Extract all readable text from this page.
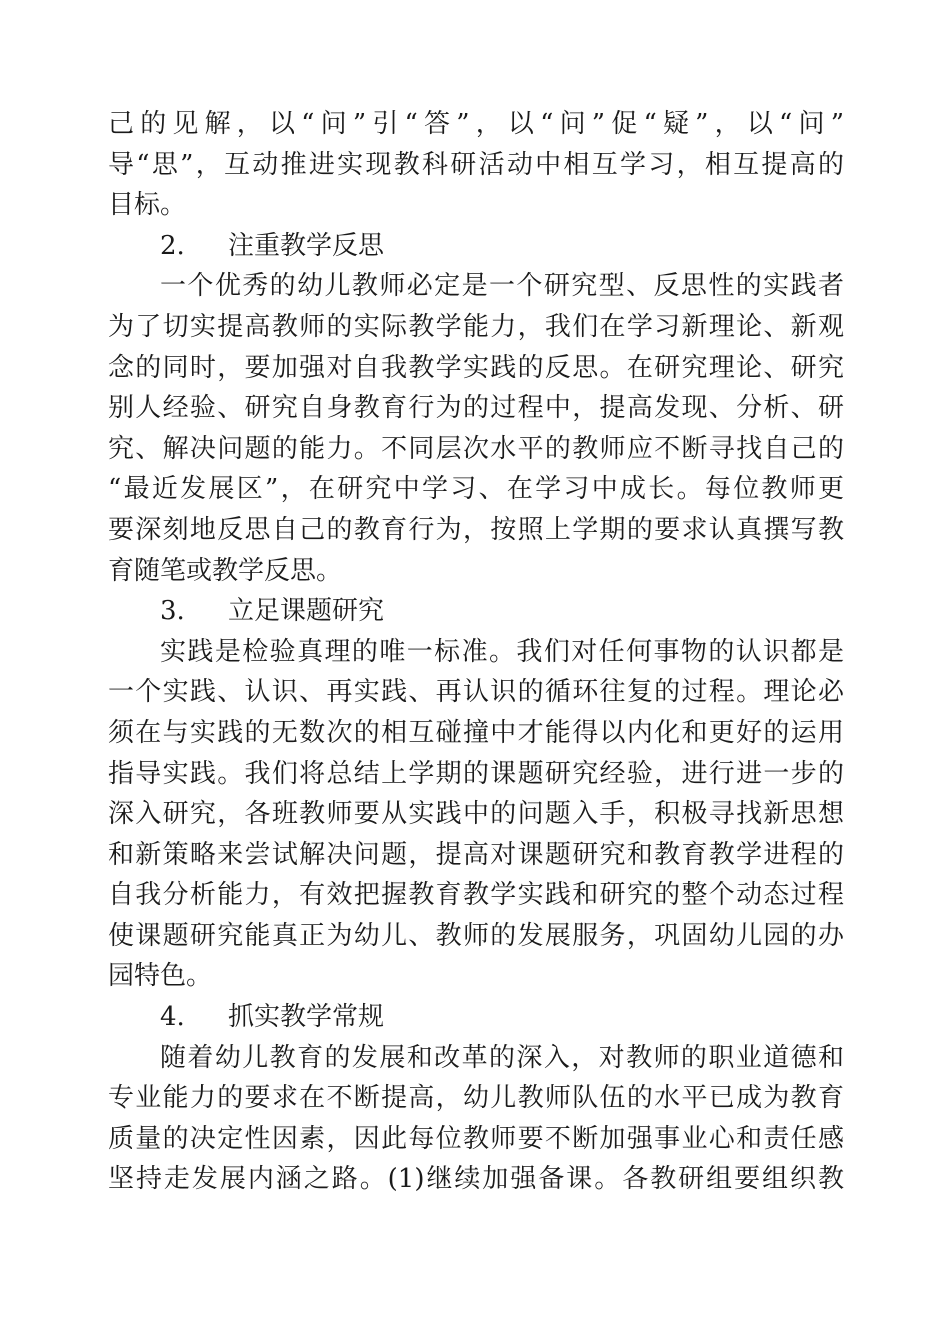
己的见解，以“问”引“答”，以“问”促“疑”，以“问”
导“思”，互动推进实现教科研活动中相互学习，相互提高的
目标。
2.	注重教学反思
一个优秀的幼儿教师必定是一个研究型、反思性的实践者
为了切实提高教师的实际教学能力，我们在学习新理论、新观
念的同时，要加强对自我教学实践的反思。在研究理论、研究
别人经验、研究自身教育行为的过程中，提高发现、分析、研
究、解决问题的能力。不同层次水平的教师应不断寻找自己的
“最近发展区”，在研究中学习、在学习中成长。每位教师更
要深刻地反思自己的教育行为，按照上学期的要求认真撰写教
育随笔或教学反思。
3.	立足课题研究
实践是检验真理的唯一标准。我们对任何事物的认识都是
一个实践、认识、再实践、再认识的循环往复的过程。理论必
须在与实践的无数次的相互碰撞中才能得以内化和更好的运用
指导实践。我们将总结上学期的课题研究经验，进行进一步的
深入研究，各班教师要从实践中的问题入手，积极寻找新思想
和新策略来尝试解决问题，提高对课题研究和教育教学进程的
自我分析能力，有效把握教育教学实践和研究的整个动态过程
使课题研究能真正为幼儿、教师的发展服务，巩固幼儿园的办
园特色。
4.	抓实教学常规
随着幼儿教育的发展和改革的深入，对教师的职业道德和
专业能力的要求在不断提高，幼儿教师队伍的水平已成为教育
质量的决定性因素，因此每位教师要不断加强事业心和责任感
坚持走发展内涵之路。(1)继续加强备课。各教研组要组织教
